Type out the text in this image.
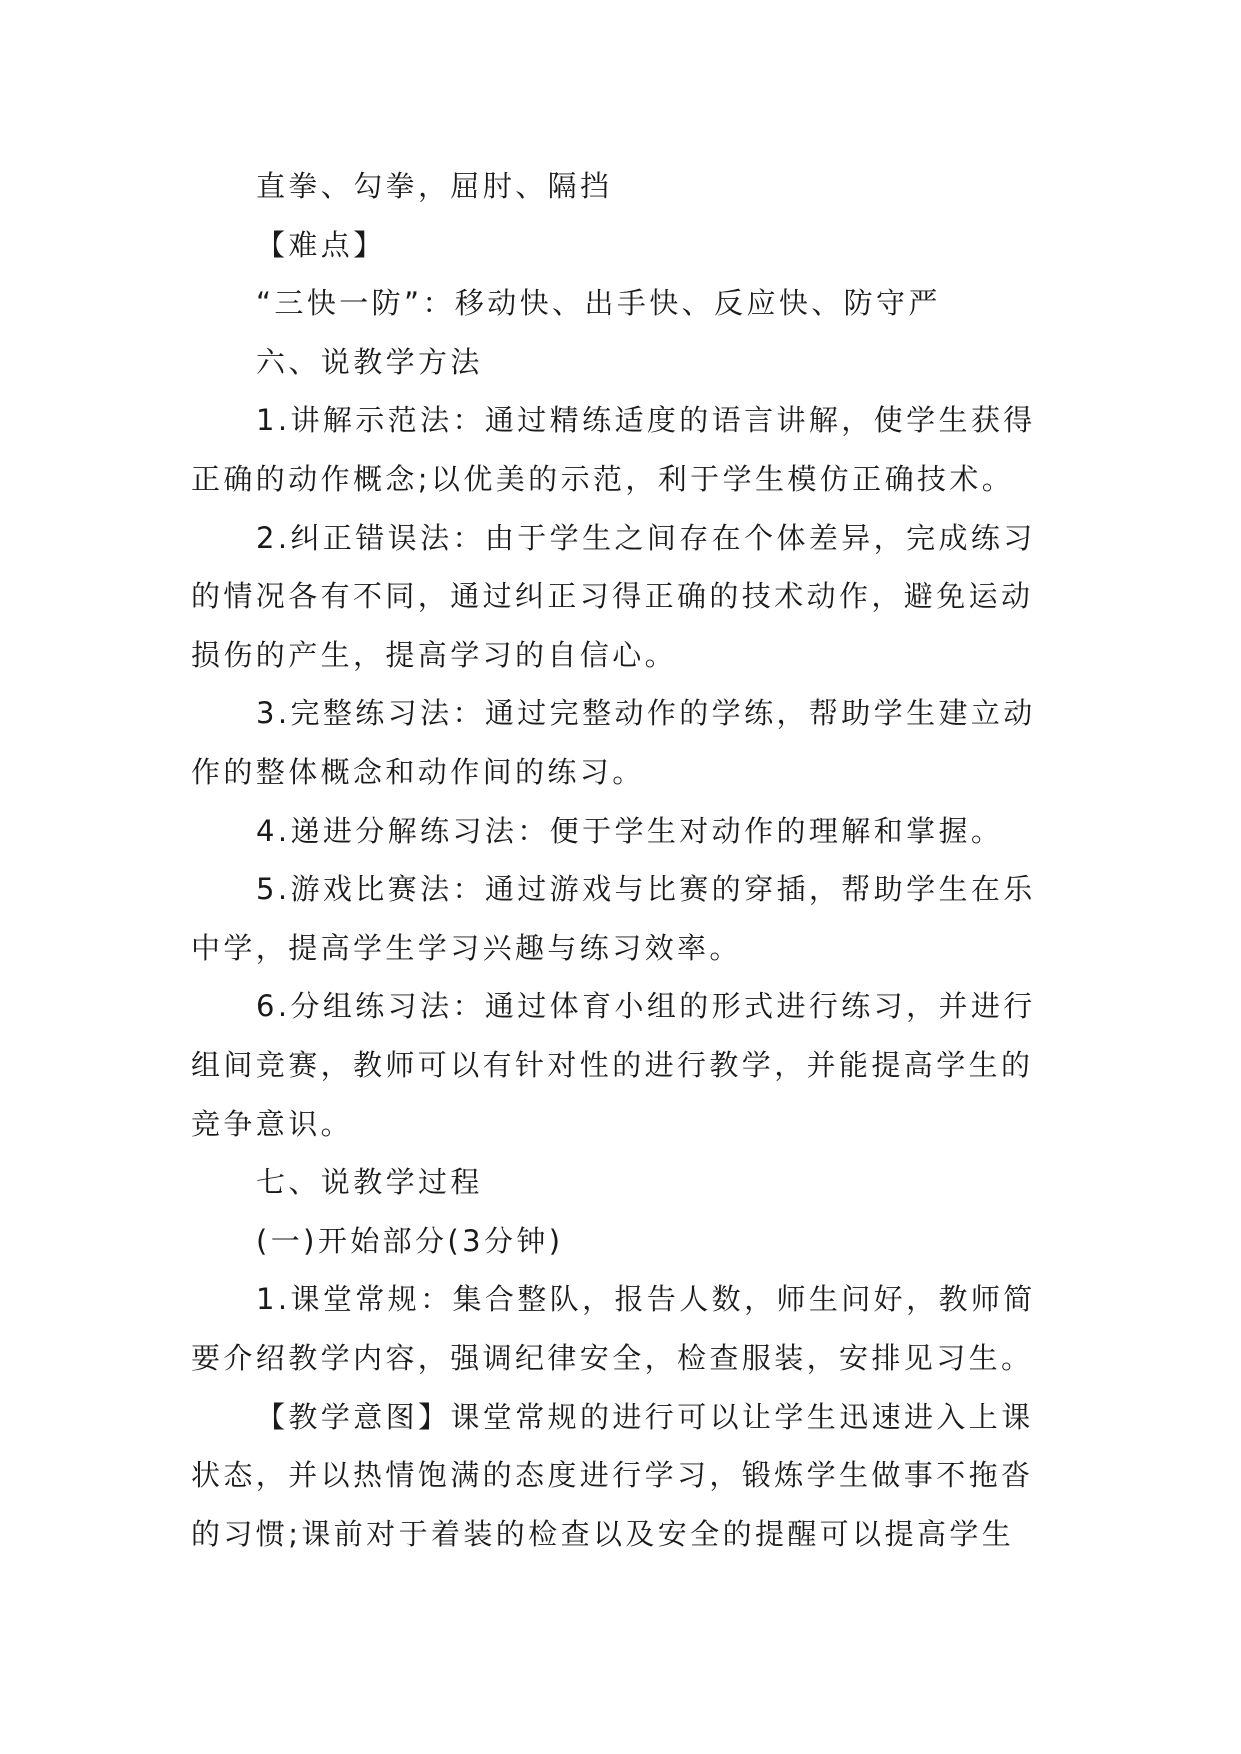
直拳、勾拳，屈肘、隔挡
【难点】
“三快一防”：移动快、出手快、反应快、防守严
六、说教学方法
1.讲解示范法：通过精练适度的语言讲解，使学生获得
正确的动作概念;以优美的示范，利于学生模仿正确技术。
2.纠正错误法：由于学生之间存在个体差异，完成练习
的情况各有不同，通过纠正习得正确的技术动作，避免运动
损伤的产生，提高学习的自信心。
3.完整练习法：通过完整动作的学练，帮助学生建立动
作的整体概念和动作间的练习。
4.递进分解练习法：便于学生对动作的理解和掌握。
5.游戏比赛法：通过游戏与比赛的穿插，帮助学生在乐
中学，提高学生学习兴趣与练习效率。
6.分组练习法：通过体育小组的形式进行练习，并进行
组间竞赛，教师可以有针对性的进行教学，并能提高学生的
竞争意识。
七、说教学过程
(一)开始部分(3分钟)
1.课堂常规：集合整队，报告人数，师生问好，教师简
要介绍教学内容，强调纪律安全，检查服装，安排见习生。
【教学意图】课堂常规的进行可以让学生迅速进入上课
状态，并以热情饱满的态度进行学习，锻炼学生做事不拖沓
的习惯;课前对于着装的检查以及安全的提醒可以提高学生
